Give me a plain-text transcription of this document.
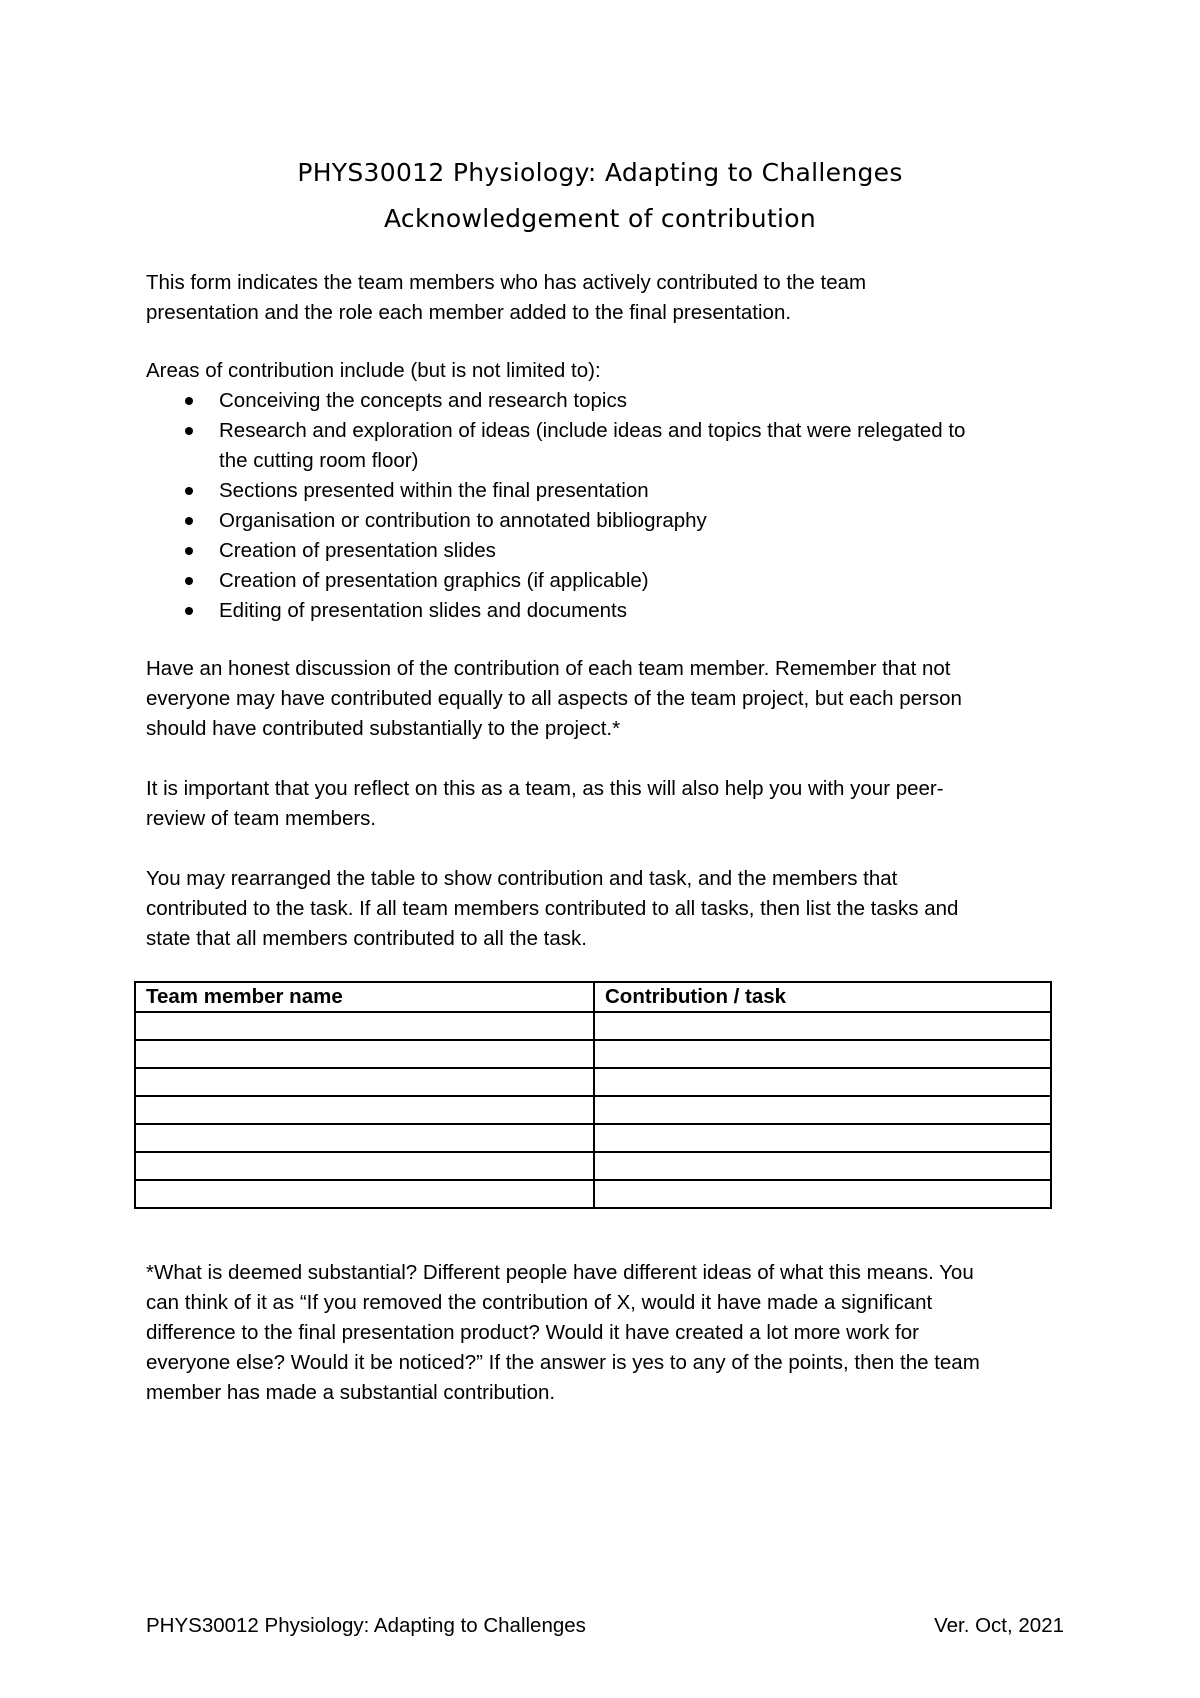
PHYS30012 Physiology: Adapting to Challenges
Acknowledgement of contribution

This form indicates the team members who has actively contributed to the team
presentation and the role each member added to the final presentation.

Areas of contribution include (but is not limited to):

Conceiving the concepts and research topics
Research and exploration of ideas (include ideas and topics that were relegated to
the cutting room floor)
Sections presented within the final presentation
Organisation or contribution to annotated bibliography
Creation of presentation slides
Creation of presentation graphics (if applicable)
Editing of presentation slides and documents

Have an honest discussion of the contribution of each team member. Remember that not
everyone may have contributed equally to all aspects of the team project, but each person
should have contributed substantially to the project.*

It is important that you reflect on this as a team, as this will also help you with your peer-
review of team members.

You may rearranged the table to show contribution and task, and the members that
contributed to the task. If all team members contributed to all tasks, then list the tasks and
state that all members contributed to all the task.

Team member name	Contribution / task

*What is deemed substantial? Different people have different ideas of what this means. You
can think of it as “If you removed the contribution of X, would it have made a significant
difference to the final presentation product? Would it have created a lot more work for
everyone else? Would it be noticed?” If the answer is yes to any of the points, then the team
member has made a substantial contribution.

PHYS30012 Physiology: Adapting to Challenges	Ver. Oct, 2021
